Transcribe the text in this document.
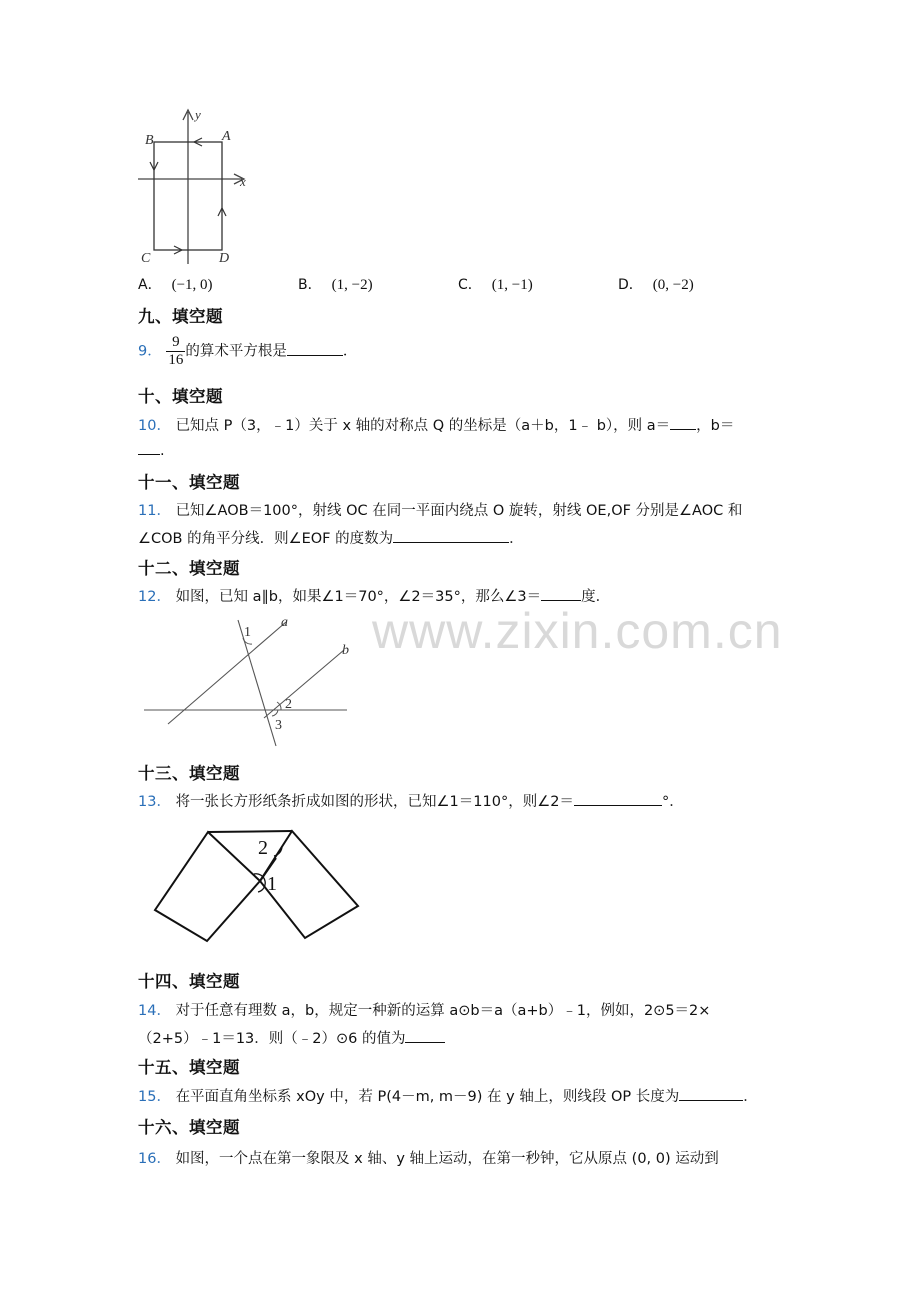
www.zixin.com.cn
y
x
A
B
C	D
A． (−1, 0)	B． (1, −2)	C． (1, −1)	D． (0, −2)
九、填空题
9． $\frac{9}{16}$ 的算术平方根是	．
十、填空题
10． 已知点 P（3，﹣1）关于 x 轴的对称点 Q 的坐标是（a＋b，1﹣ b），则 a＝ ，b＝
.
十一、填空题
11． 已知∠AOB＝100°，射线 OC 在同一平面内绕点 O 旋转，射线 OE,OF 分别是∠AOC 和
∠COB 的角平分线．则∠EOF 的度数为	．
十二、填空题
12． 如图，已知 a∥b，如果∠1＝70°，∠2＝35°，那么∠3＝	度．
a
b
1
2
3
十三、填空题
13． 将一张长方形纸条折成如图的形状，已知∠1＝110°，则∠2＝	°．
2
1
十四、填空题
14． 对于任意有理数 a，b，规定一种新的运算 a⊙b＝a（a+b）﹣1，例如，2⊙5＝2×
（2+5）﹣1＝13．则（﹣2）⊙6 的值为
十五、填空题
15． 在平面直角坐标系 xOy 中，若 P(4－m, m－9) 在 y 轴上，则线段 OP 长度为	．
十六、填空题
16． 如图，一个点在第一象限及 x 轴、y 轴上运动，在第一秒钟，它从原点 (0, 0) 运动到
